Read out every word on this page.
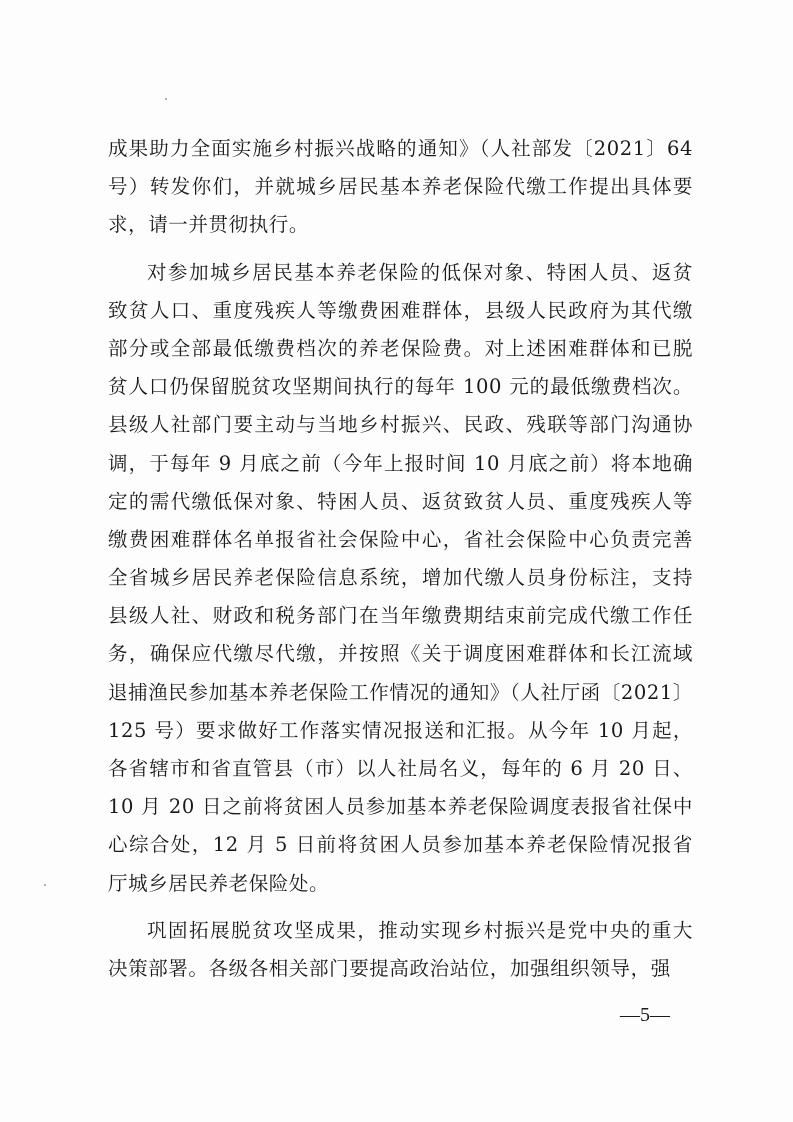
成果助力全面实施乡村振兴战略的通知》（人社部发〔2021〕64
号）转发你们，并就城乡居民基本养老保险代缴工作提出具体要
求，请一并贯彻执行。
对参加城乡居民基本养老保险的低保对象、特困人员、返贫
致贫人口、重度残疾人等缴费困难群体，县级人民政府为其代缴
部分或全部最低缴费档次的养老保险费。对上述困难群体和已脱
贫人口仍保留脱贫攻坚期间执行的每年 100 元的最低缴费档次。
县级人社部门要主动与当地乡村振兴、民政、残联等部门沟通协
调，于每年 9 月底之前（今年上报时间 10 月底之前）将本地确
定的需代缴低保对象、特困人员、返贫致贫人员、重度残疾人等
缴费困难群体名单报省社会保险中心，省社会保险中心负责完善
全省城乡居民养老保险信息系统，增加代缴人员身份标注，支持
县级人社、财政和税务部门在当年缴费期结束前完成代缴工作任
务，确保应代缴尽代缴，并按照《关于调度困难群体和长江流域
退捕渔民参加基本养老保险工作情况的通知》（人社厅函〔2021〕
125 号）要求做好工作落实情况报送和汇报。从今年 10 月起，
各省辖市和省直管县（市）以人社局名义，每年的 6 月 20 日、
10 月 20 日之前将贫困人员参加基本养老保险调度表报省社保中
心综合处，12 月 5 日前将贫困人员参加基本养老保险情况报省
厅城乡居民养老保险处。
巩固拓展脱贫攻坚成果，推动实现乡村振兴是党中央的重大
决策部署。各级各相关部门要提高政治站位，加强组织领导，强
—5—
